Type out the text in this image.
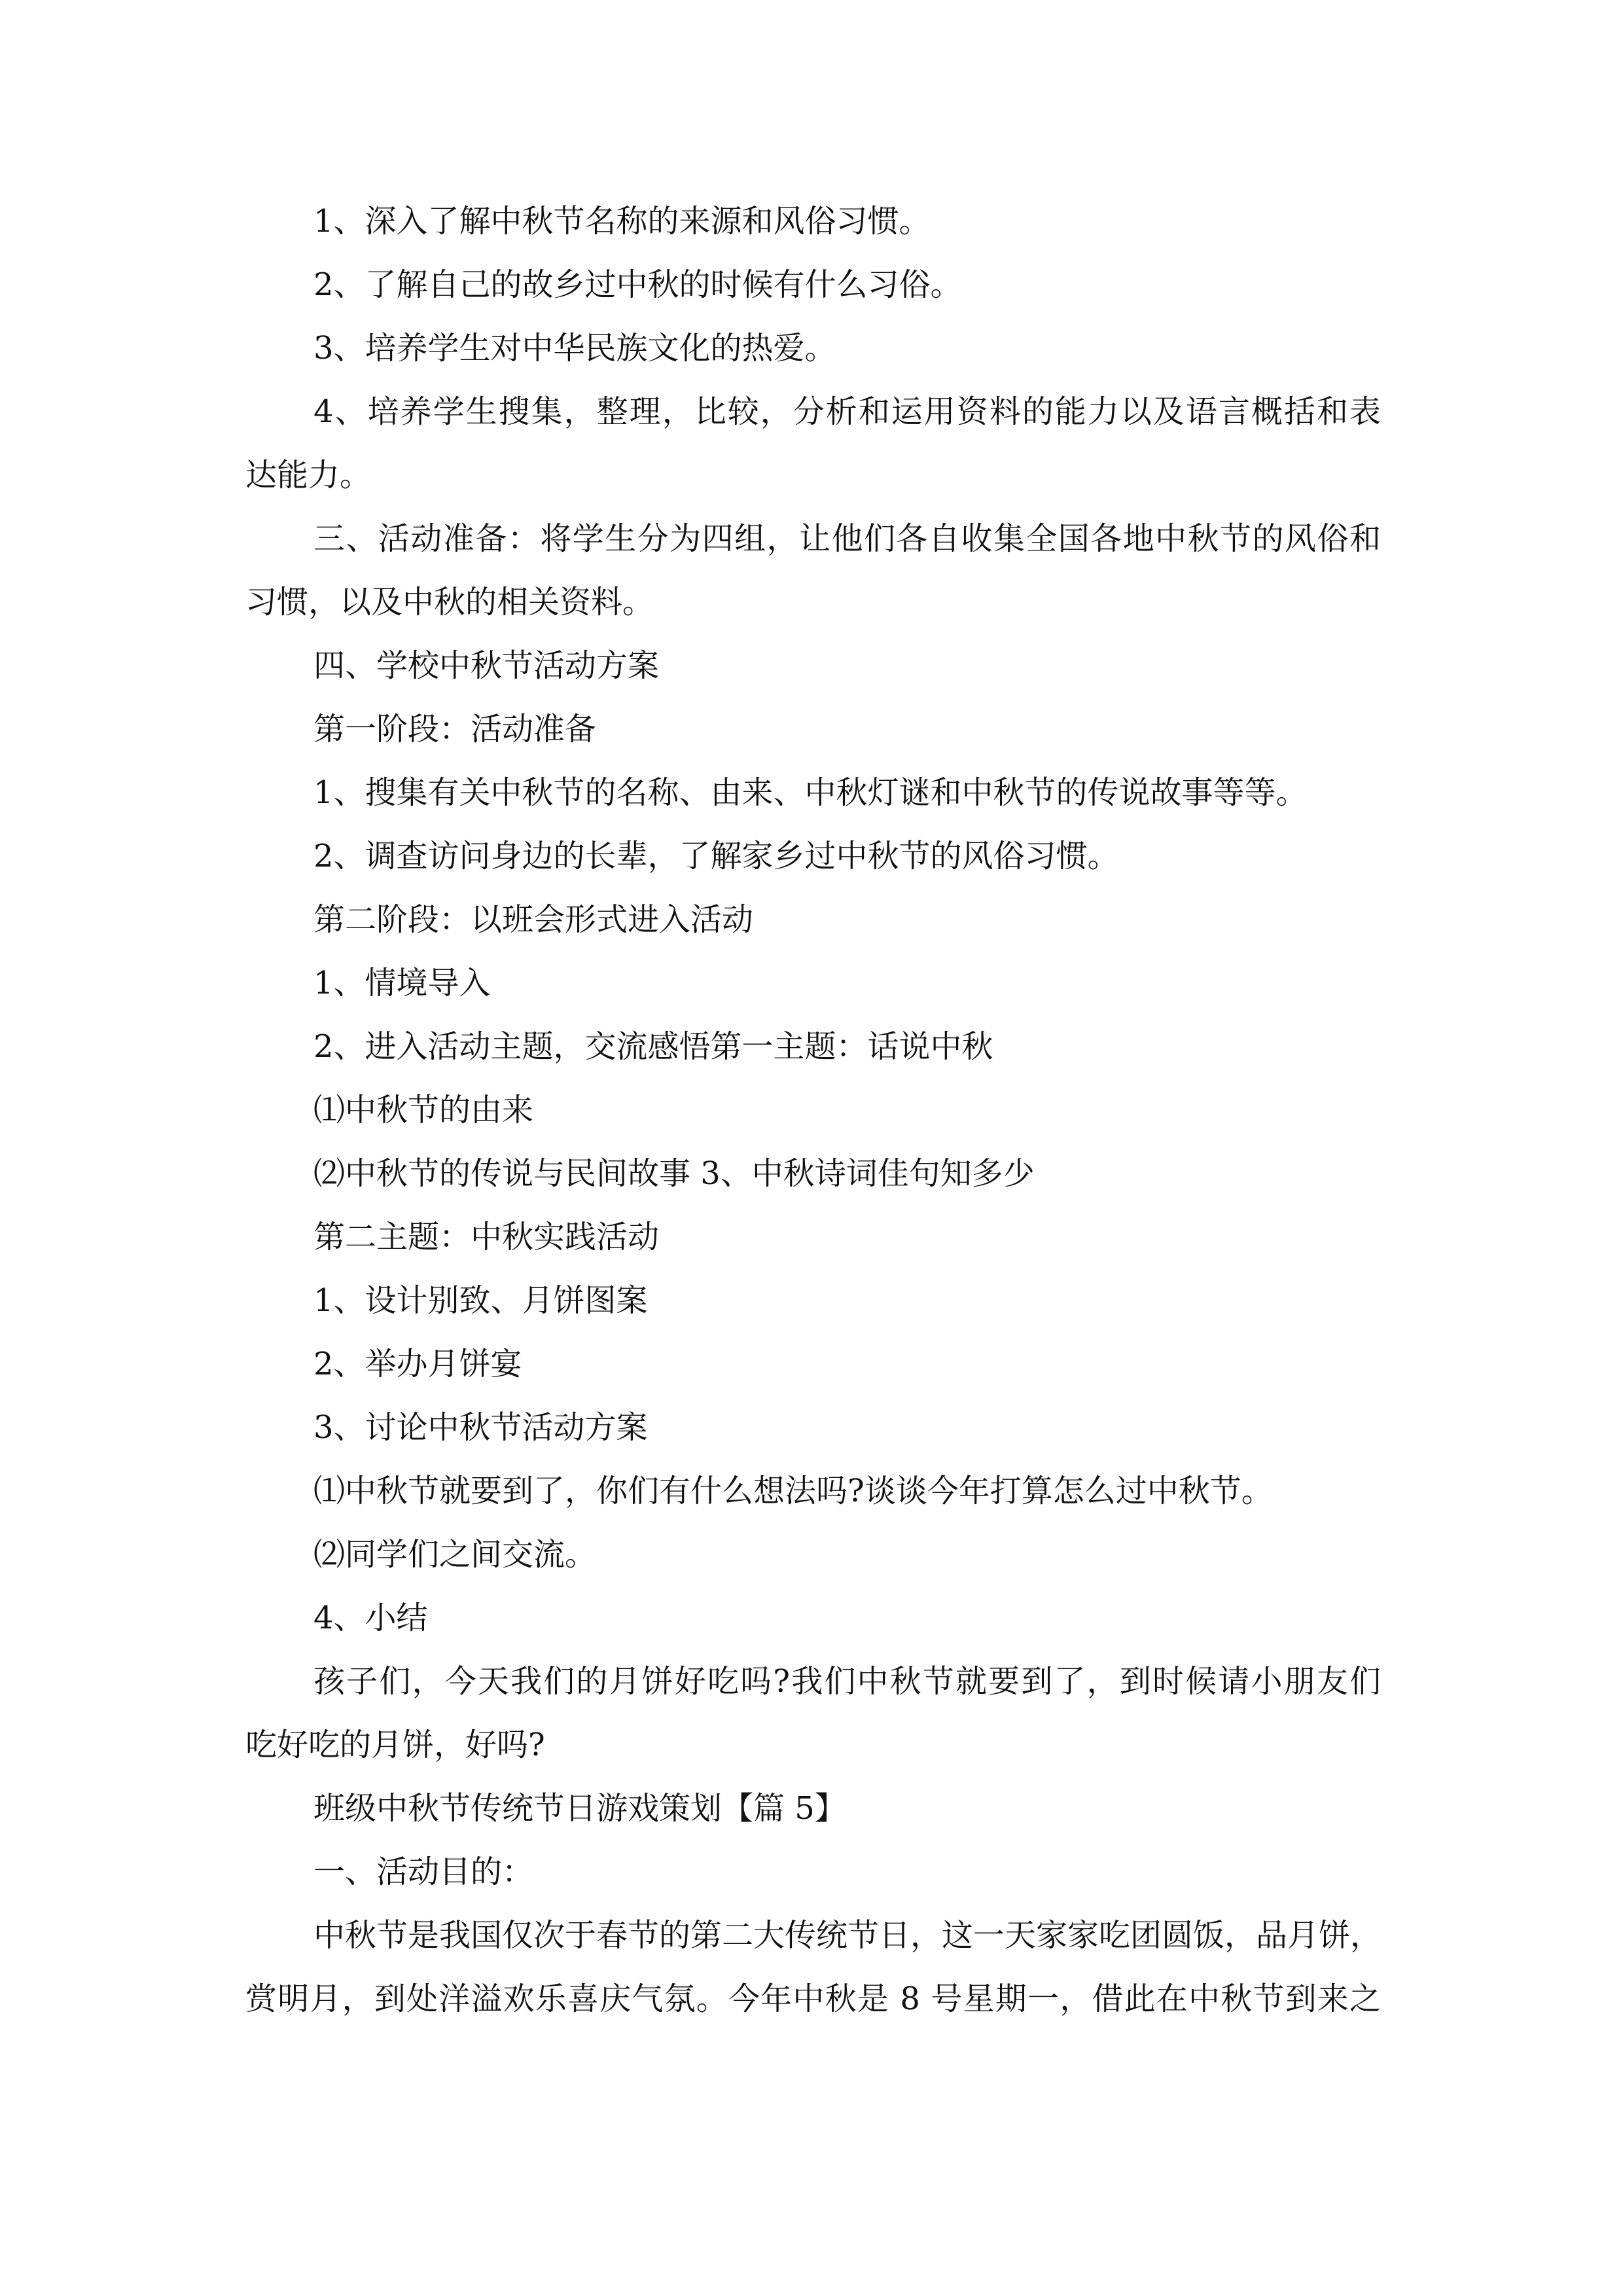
1、深入了解中秋节名称的来源和风俗习惯。
2、了解自己的故乡过中秋的时候有什么习俗。
3、培养学生对中华民族文化的热爱。
4、培养学生搜集，整理，比较，分析和运用资料的能力以及语言概括和表
达能力。
三、活动准备：将学生分为四组，让他们各自收集全国各地中秋节的风俗和
习惯，以及中秋的相关资料。
四、学校中秋节活动方案
第一阶段：活动准备
1、搜集有关中秋节的名称、由来、中秋灯谜和中秋节的传说故事等等。
2、调查访问身边的长辈，了解家乡过中秋节的风俗习惯。
第二阶段：以班会形式进入活动
1、情境导入
2、进入活动主题，交流感悟第一主题：话说中秋
⑴中秋节的由来
⑵中秋节的传说与民间故事 3、中秋诗词佳句知多少
第二主题：中秋实践活动
1、设计别致、月饼图案
2、举办月饼宴
3、讨论中秋节活动方案
⑴中秋节就要到了，你们有什么想法吗?谈谈今年打算怎么过中秋节。
⑵同学们之间交流。
4、小结
孩子们，今天我们的月饼好吃吗?我们中秋节就要到了，到时候请小朋友们
吃好吃的月饼，好吗?
班级中秋节传统节日游戏策划【篇 5】
一、活动目的：
中秋节是我国仅次于春节的第二大传统节日，这一天家家吃团圆饭，品月饼，
赏明月，到处洋溢欢乐喜庆气氛。今年中秋是 8 号星期一，借此在中秋节到来之
